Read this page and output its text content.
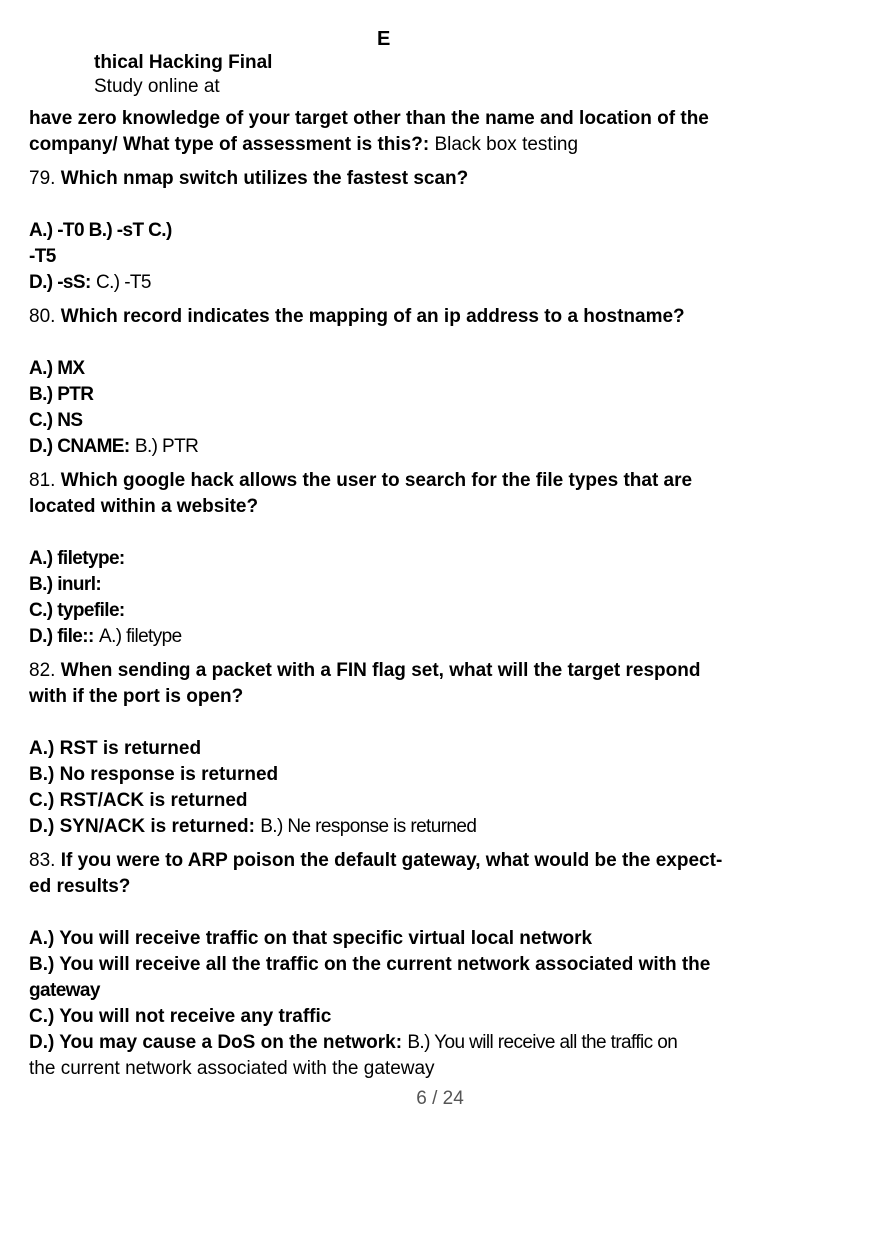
E
thical Hacking Final
Study online at

have zero knowledge of your target other than the name and location of the

company/ What type of assessment is this?: Black box testing

79. Which nmap switch utilizes the fastest scan?

A.) -T0 B.) -sT C.)

-T5

D.) -sS: C.) -T5

80. Which record indicates the mapping of an ip address to a hostname?

A.) MX

B.) PTR

C.) NS

D.) CNAME: B.) PTR

81. Which google hack allows the user to search for the file types that are

located within a website?

A.) filetype:

B.) inurl:

C.) typefile:

D.) file:: A.) filetype

82. When sending a packet with a FIN flag set, what will the target respond

with if the port is open?

A.) RST is returned

B.) No response is returned

C.) RST/ACK is returned

D.) SYN/ACK is returned: B.) Ne response is returned

83. If you were to ARP poison the default gateway, what would be the expect-

ed results?

A.) You will receive traffic on that specific virtual local network

B.) You will receive all the traffic on the current network associated with the

gateway

C.) You will not receive any traffic

D.) You may cause a DoS on the network: B.) You will receive all the traffic on

the current network associated with the gateway

6 / 24
